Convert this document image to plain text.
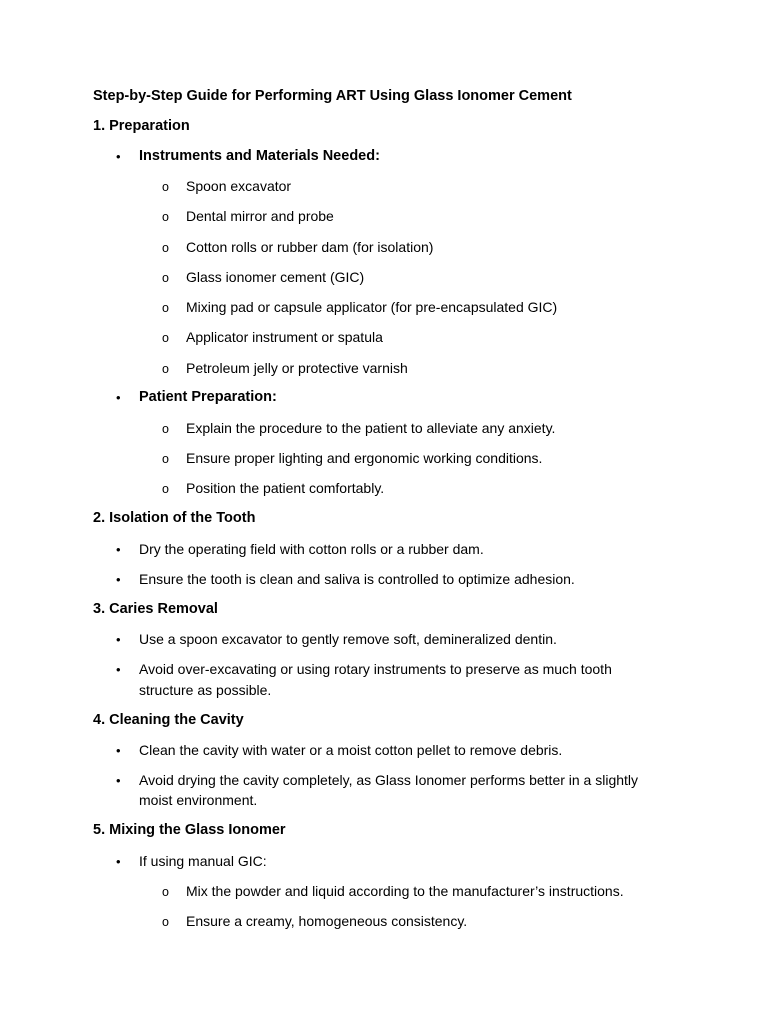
Step-by-Step Guide for Performing ART Using Glass Ionomer Cement
1. Preparation
• Instruments and Materials Needed:
o Spoon excavator
o Dental mirror and probe
o Cotton rolls or rubber dam (for isolation)
o Glass ionomer cement (GIC)
o Mixing pad or capsule applicator (for pre-encapsulated GIC)
o Applicator instrument or spatula
o Petroleum jelly or protective varnish
• Patient Preparation:
o Explain the procedure to the patient to alleviate any anxiety.
o Ensure proper lighting and ergonomic working conditions.
o Position the patient comfortably.
2. Isolation of the Tooth
• Dry the operating field with cotton rolls or a rubber dam.
• Ensure the tooth is clean and saliva is controlled to optimize adhesion.
3. Caries Removal
• Use a spoon excavator to gently remove soft, demineralized dentin.
• Avoid over-excavating or using rotary instruments to preserve as much tooth
structure as possible.
4. Cleaning the Cavity
• Clean the cavity with water or a moist cotton pellet to remove debris.
• Avoid drying the cavity completely, as Glass Ionomer performs better in a slightly
moist environment.
5. Mixing the Glass Ionomer
• If using manual GIC:
o Mix the powder and liquid according to the manufacturer’s instructions.
o Ensure a creamy, homogeneous consistency.
